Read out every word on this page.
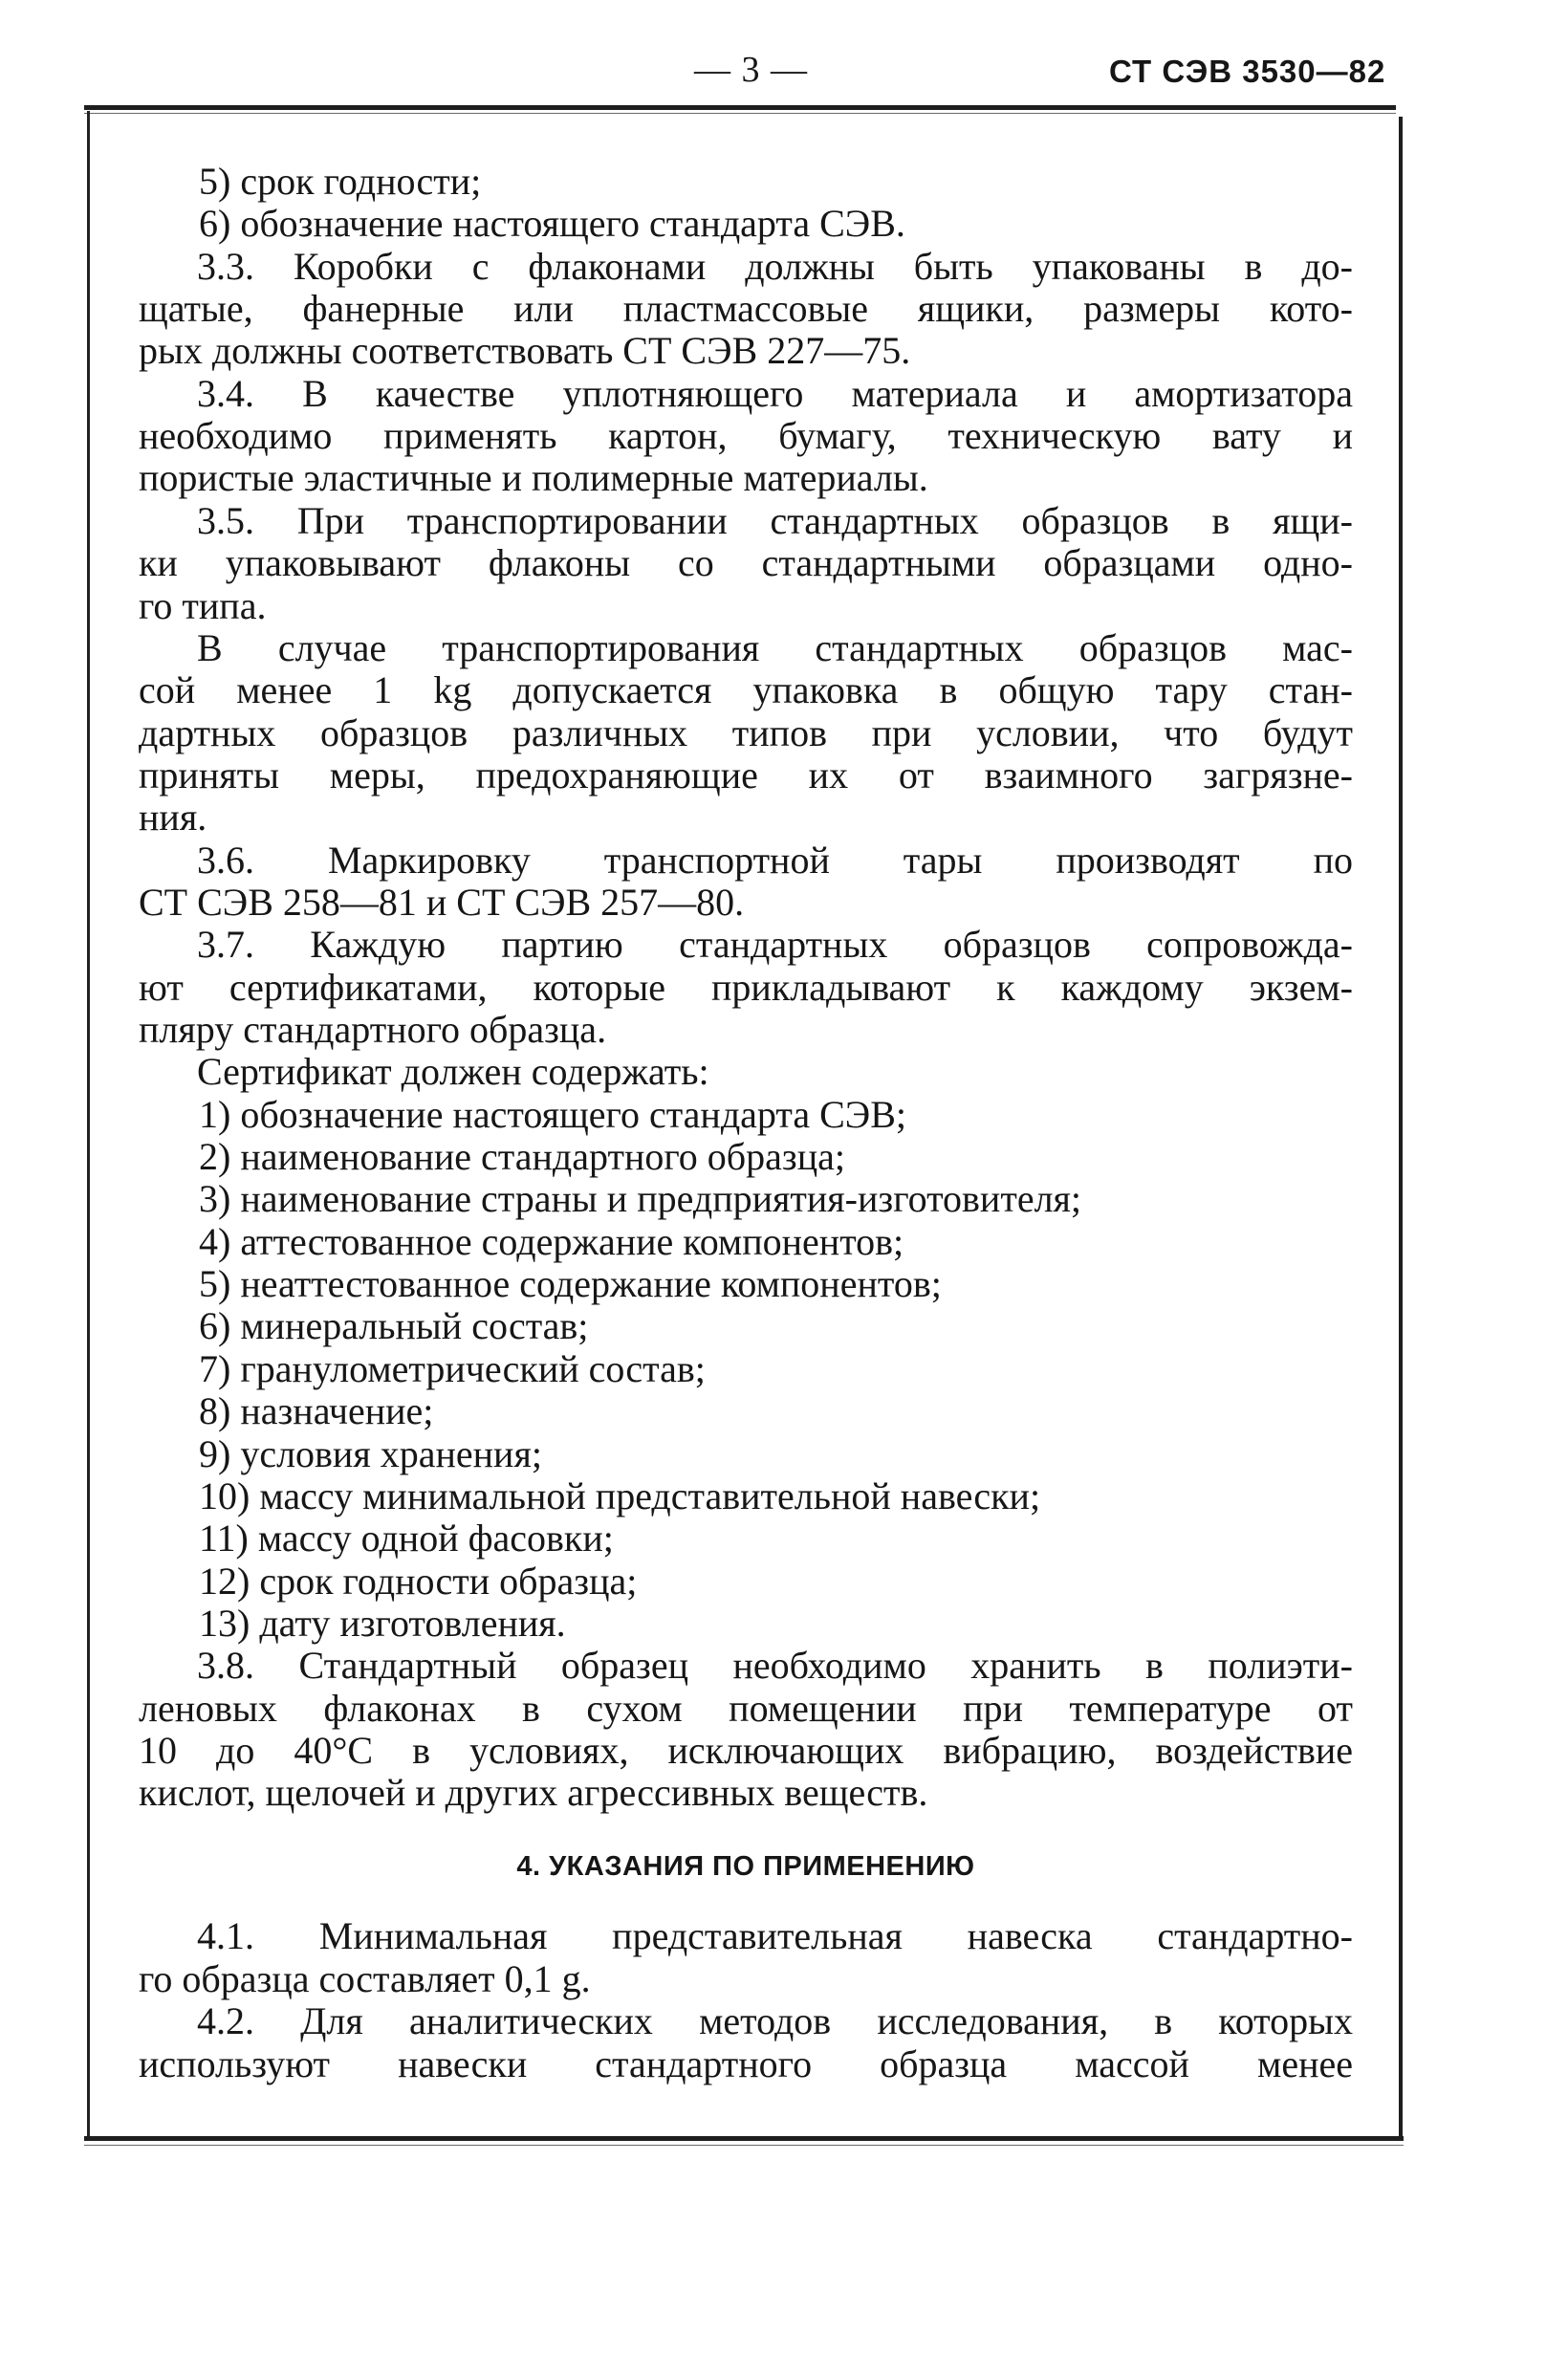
— 3 —	СТ СЭВ 3530—82
5) срок годности;
6) обозначение настоящего стандарта СЭВ.
3.3. Коробки с флаконами должны быть упакованы в до-
щатые, фанерные или пластмассовые ящики, размеры кото-
рых должны соответствовать СТ СЭВ 227—75.
3.4. В качестве уплотняющего материала и амортизатора
необходимо применять картон, бумагу, техническую вату и
пористые эластичные и полимерные материалы.
3.5. При транспортировании стандартных образцов в ящи-
ки упаковывают флаконы со стандартными образцами одно-
го типа.
В случае транспортирования стандартных образцов мас-
сой менее 1 kg допускается упаковка в общую тару стан-
дартных образцов различных типов при условии, что будут
приняты меры, предохраняющие их от взаимного загрязне-
ния.
3.6. Маркировку транспортной тары производят по
СТ СЭВ 258—81 и СТ СЭВ 257—80.
3.7. Каждую партию стандартных образцов сопровожда-
ют сертификатами, которые прикладывают к каждому экзем-
пляру стандартного образца.
Сертификат должен содержать:
1) обозначение настоящего стандарта СЭВ;
2) наименование стандартного образца;
3) наименование страны и предприятия-изготовителя;
4) аттестованное содержание компонентов;
5) неаттестованное содержание компонентов;
6) минеральный состав;
7) гранулометрический состав;
8) назначение;
9) условия хранения;
10) массу минимальной представительной навески;
11) массу одной фасовки;
12) срок годности образца;
13) дату изготовления.
3.8. Стандартный образец необходимо хранить в полиэти-
леновых флаконах в сухом помещении при температуре от
10 до 40°С в условиях, исключающих вибрацию, воздействие
кислот, щелочей и других агрессивных веществ.
4. УКАЗАНИЯ ПО ПРИМЕНЕНИЮ
4.1. Минимальная представительная навеска стандартно-
го образца составляет 0,1 g.
4.2. Для аналитических методов исследования, в которых
используют навески стандартного образца массой менее
